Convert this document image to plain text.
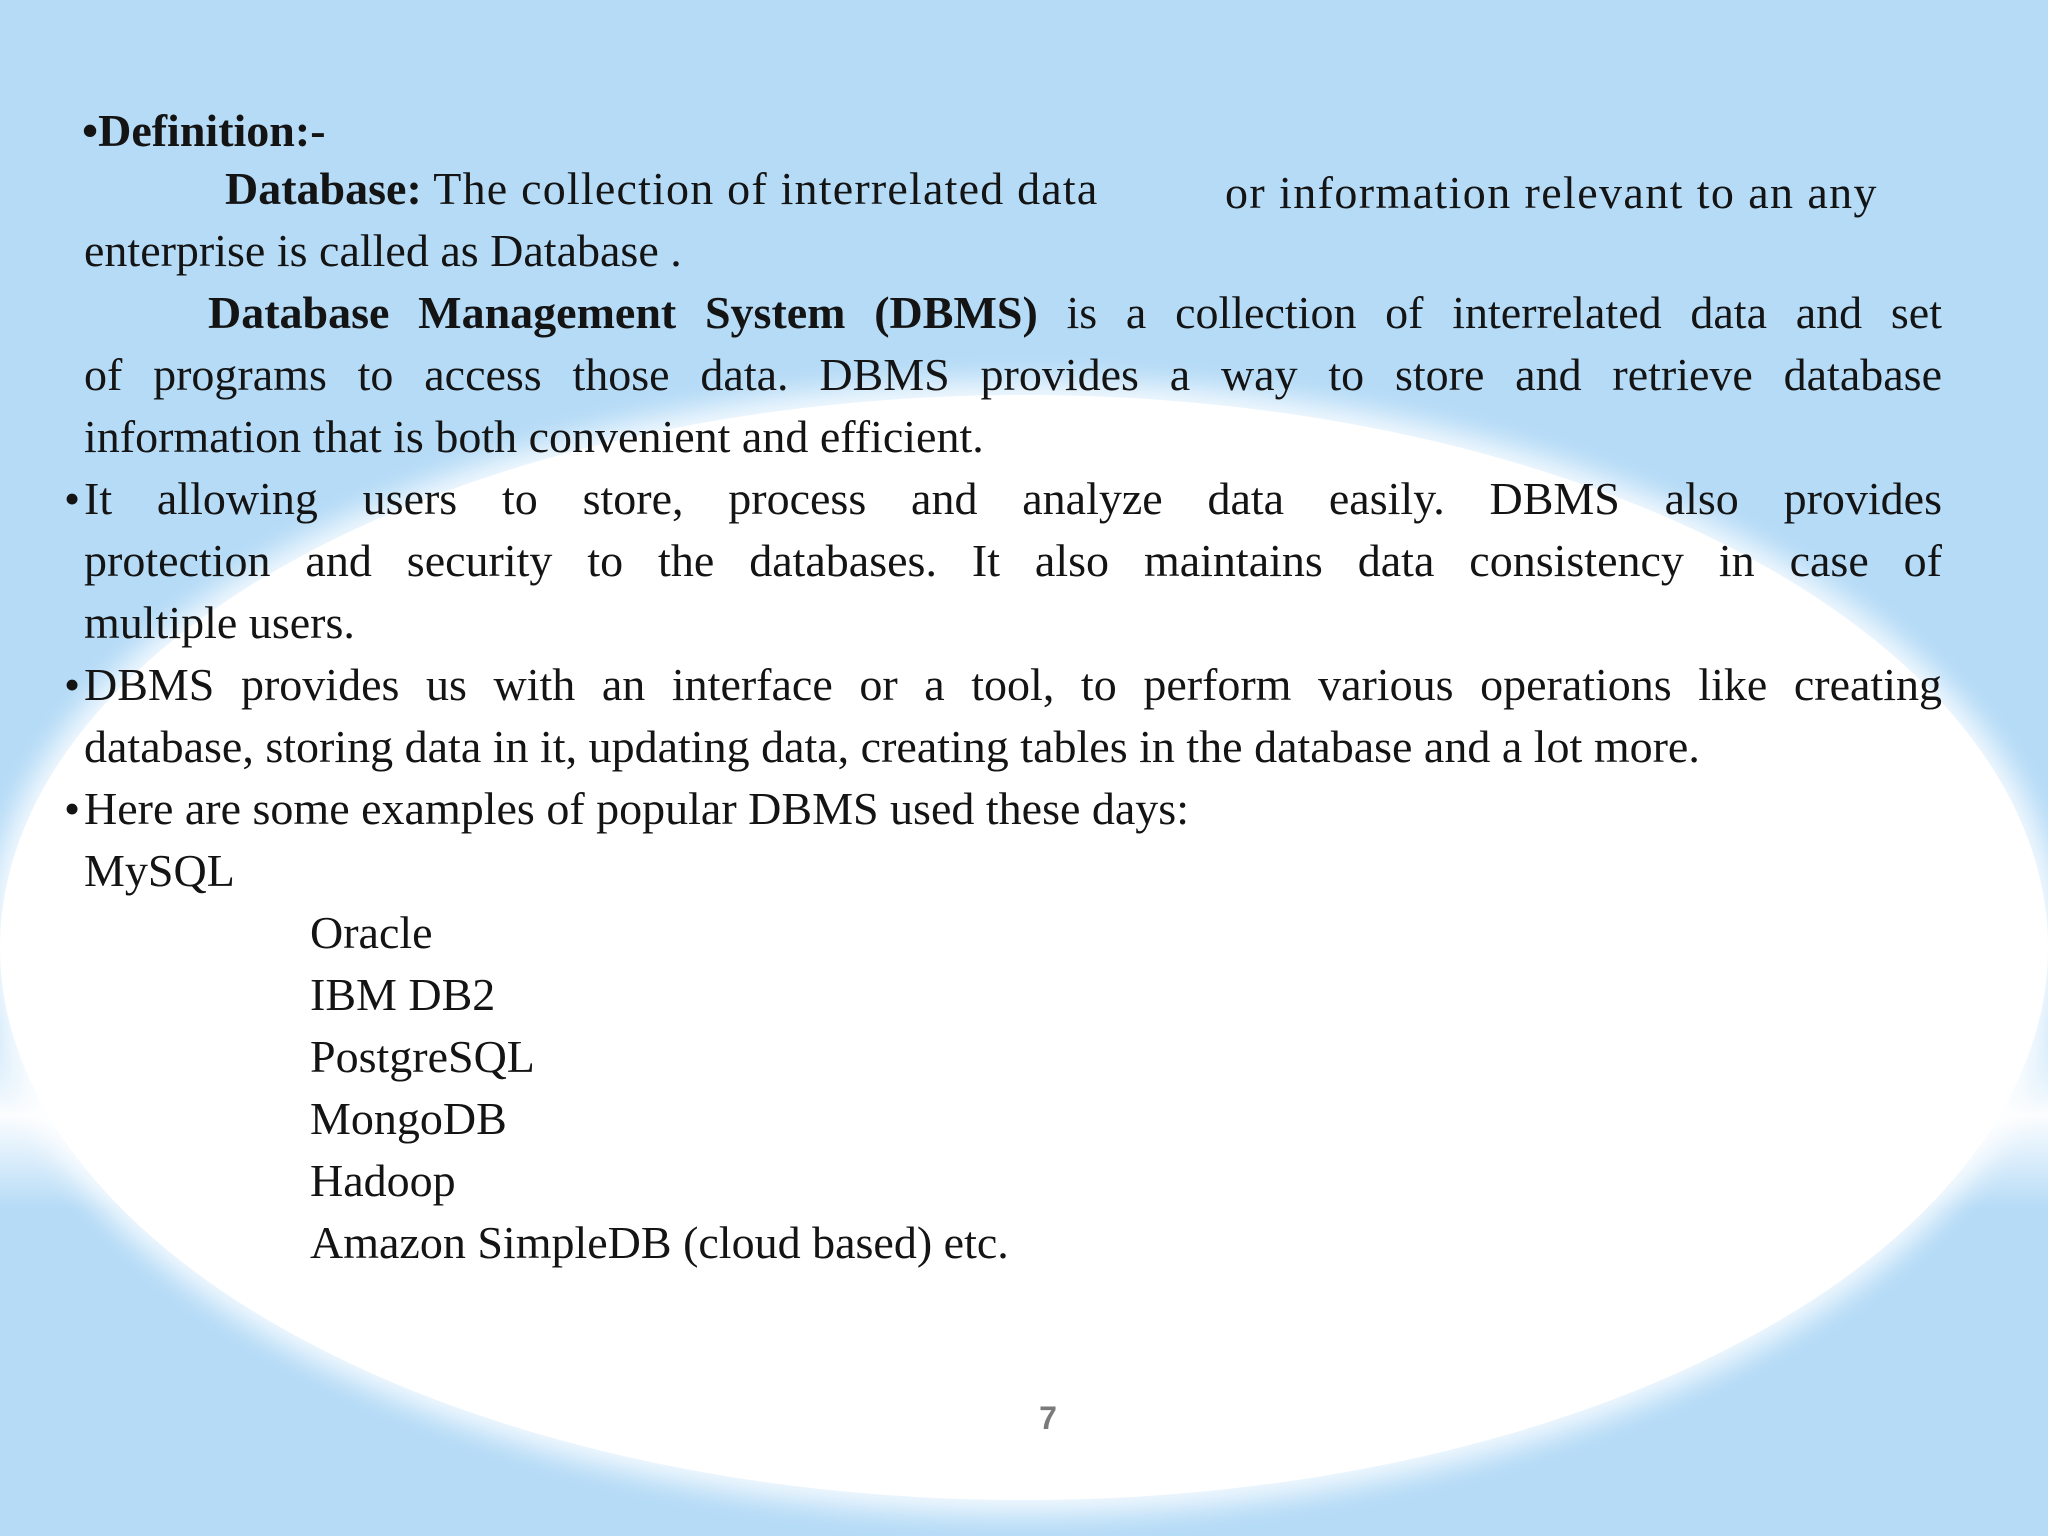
•Definition:-
Database: The collection of interrelated data	or information relevant to an any
enterprise is called as Database .
Database Management System (DBMS) is a collection of interrelated data and set
of programs to access those data. DBMS provides a way to store and retrieve database
information that is both convenient and efficient.
• It allowing users to store, process and analyze data easily. DBMS also provides
protection and security to the databases. It also maintains data consistency in case of
multiple users.
• DBMS provides us with an interface or a tool, to perform various operations like creating
database, storing data in it, updating data, creating tables in the database and a lot more.
• Here are some examples of popular DBMS used these days:
MySQL
Oracle
IBM DB2
PostgreSQL
MongoDB
Hadoop
Amazon SimpleDB (cloud based) etc.
7
